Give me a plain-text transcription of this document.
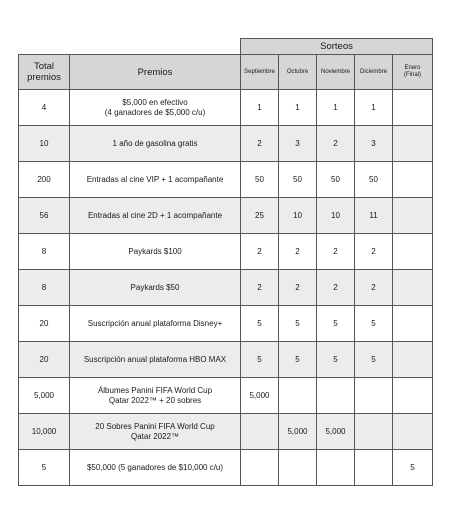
		Sorteos				
Total
premios	Premios	Septiembre	Octubre	Noviembre	Diciembre	Enero
(Final)
4	$5,000 en efectivo
(4 ganadores de $5,000 c/u)	1	1	1	1	
10	1 año de gasolina gratis	2	3	2	3	
200	Entradas al cine VIP + 1 acompañante	50	50	50	50	
56	Entradas al cine 2D + 1 acompañante	25	10	10	11	
8	Paykards $100	2	2	2	2	
8	Paykards $50	2	2	2	2	
20	Suscripción anual plataforma Disney+	5	5	5	5	
20	Suscripción anual plataforma HBO MAX	5	5	5	5	
5,000	Álbumes Panini FIFA World Cup
Qatar 2022™ + 20 sobres	5,000				
10,000	20 Sobres Panini FIFA World Cup
Qatar 2022™		5,000	5,000		
5	$50,000 (5 ganadores de $10,000 c/u)					5
